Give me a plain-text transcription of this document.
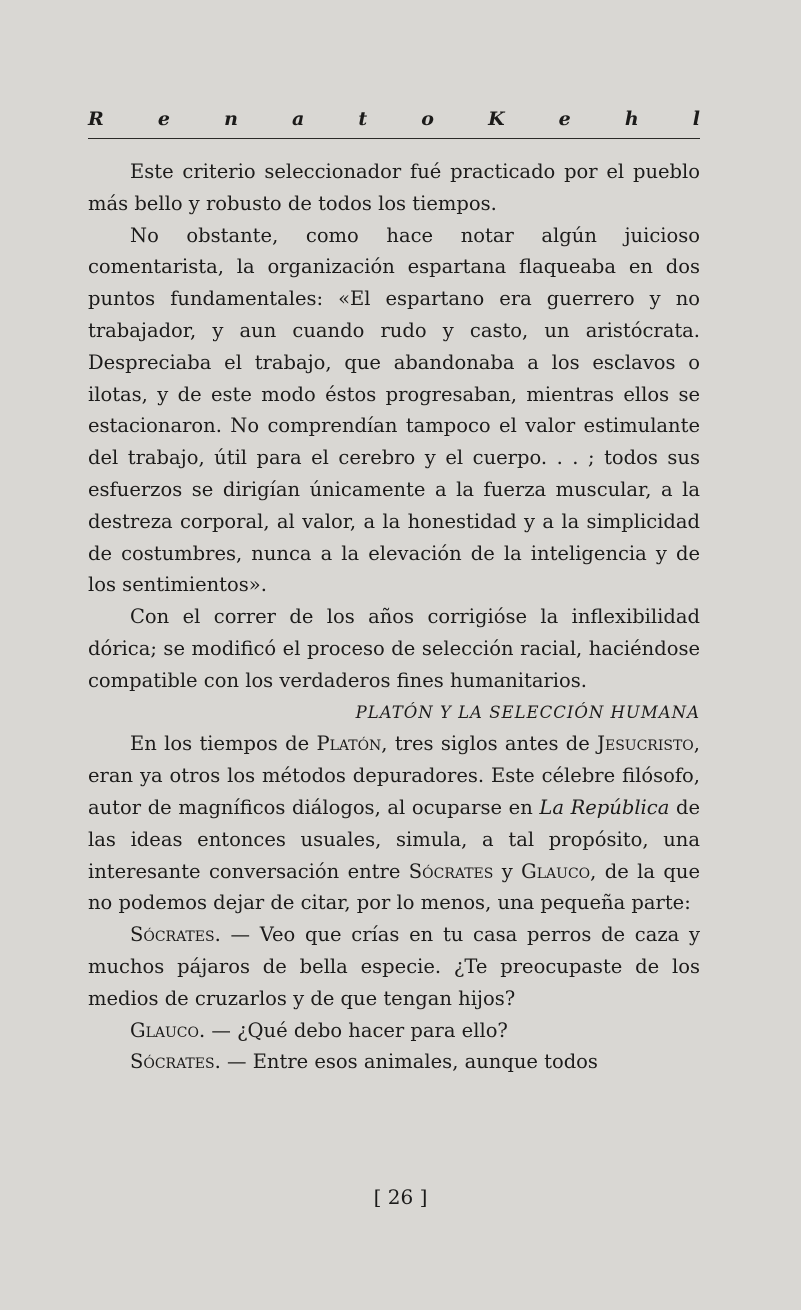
R	e	n	a	t	o	K	e	h	l

Este criterio seleccionador fué practicado por el pueblo más bello y robusto de todos los tiempos.

No obstante, como hace notar algún juicioso comentarista, la organización espartana flaqueaba en dos puntos fundamentales: «El espartano era guerrero y no trabajador, y aun cuando rudo y casto, un aristócrata. Despreciaba el trabajo, que abandonaba a los esclavos o ilotas, y de este modo éstos progresaban, mientras ellos se estacionaron. No comprendían tampoco el valor estimulante del trabajo, útil para el cerebro y el cuerpo. . . ; todos sus esfuerzos se dirigían únicamente a la fuerza muscular, a la destreza corporal, al valor, a la honestidad y a la simplicidad de costumbres, nunca a la elevación de la inteligencia y de los sentimientos».

Con el correr de los años corrigióse la inflexibilidad dórica; se modificó el proceso de selección racial, haciéndose compatible con los verdaderos fines humanitarios.

PLATÓN Y LA SELECCIÓN HUMANA

En los tiempos de Platón, tres siglos antes de Jesucristo, eran ya otros los métodos depuradores. Este célebre filósofo, autor de magníficos diálogos, al ocuparse en La República de las ideas entonces usuales, simula, a tal propósito, una interesante conversación entre Sócrates y Glauco, de la que no podemos dejar de citar, por lo menos, una pequeña parte:

Sócrates. — Veo que crías en tu casa perros de caza y muchos pájaros de bella especie. ¿Te preocupaste de los medios de cruzarlos y de que tengan hijos?

Glauco. — ¿Qué debo hacer para ello?

Sócrates. — Entre esos animales, aunque todos

[ 26 ]
